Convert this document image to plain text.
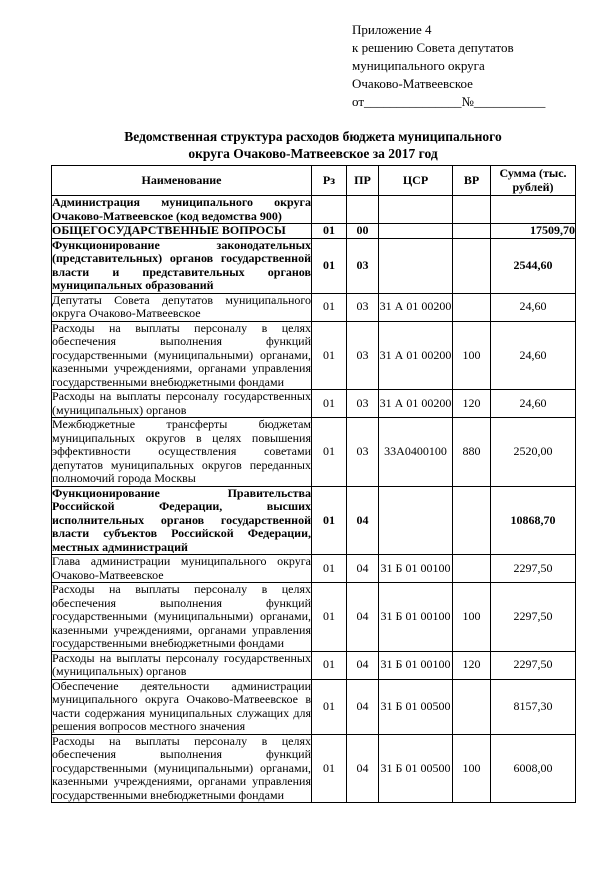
Приложение 4
к решению Совета депутатов
муниципального округа
Очаково-Матвеевское
от_______________№___________
Ведомственная структура расходов бюджета муниципального
округа Очаково-Матвеевское за 2017 год
Наименование	Рз	ПР	ЦСР	ВР	Сумма (тыс. рублей)
Администрация муниципального округа Очаково-Матвеевское (код ведомства 900)					
ОБЩЕГОСУДАРСТВЕННЫЕ ВОПРОСЫ	01	00			17509,70
Функционирование законодательных (представительных) органов государственной власти и представительных органов муниципальных образований	01	03			2544,60
Депутаты Совета депутатов муниципального округа Очаково-Матвеевское	01	03	31 А 01 00200		24,60
Расходы на выплаты персоналу в целях обеспечения выполнения функций государственными (муниципальными) органами, казенными учреждениями, органами управления государственными внебюджетными фондами	01	03	31 А 01 00200	100	24,60
Расходы на выплаты персоналу государственных (муниципальных) органов	01	03	31 А 01 00200	120	24,60
Межбюджетные трансферты бюджетам муниципальных округов в целях повышения эффективности осуществления советами депутатов муниципальных округов переданных полномочий города Москвы	01	03	33А0400100	880	2520,00
Функционирование Правительства Российской Федерации, высших исполнительных органов государственной власти субъектов Российской Федерации, местных администраций	01	04			10868,70
Глава администрации муниципального округа Очаково-Матвеевское	01	04	31 Б 01 00100		2297,50
Расходы на выплаты персоналу в целях обеспечения выполнения функций государственными (муниципальными) органами, казенными учреждениями, органами управления государственными внебюджетными фондами	01	04	31 Б 01 00100	100	2297,50
Расходы на выплаты персоналу государственных (муниципальных) органов	01	04	31 Б 01 00100	120	2297,50
Обеспечение деятельности администрации муниципального округа Очаково-Матвеевское в части содержания муниципальных служащих для решения вопросов местного значения	01	04	31 Б 01 00500		8157,30
Расходы на выплаты персоналу в целях обеспечения выполнения функций государственными (муниципальными) органами, казенными учреждениями, органами управления государственными внебюджетными фондами	01	04	31 Б 01 00500	100	6008,00
